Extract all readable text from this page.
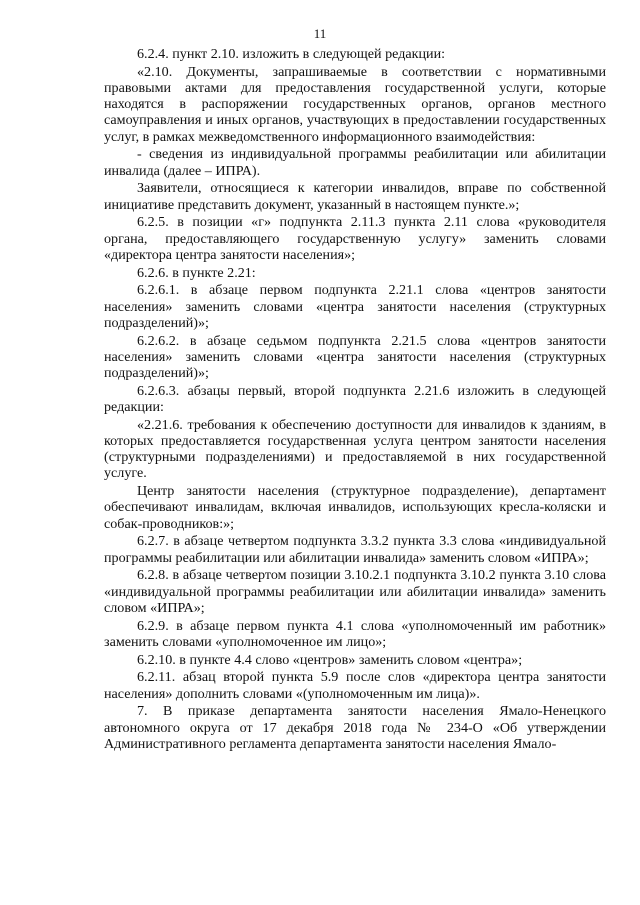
11

6.2.4. пункт 2.10. изложить в следующей редакции:

«2.10. Документы, запрашиваемые в соответствии с нормативными правовыми актами для предоставления государственной услуги, которые находятся в распоряжении государственных органов, органов местного самоуправления и иных органов, участвующих в предоставлении государственных услуг, в рамках межведомственного информационного взаимодействия:

- сведения из индивидуальной программы реабилитации или абилитации инвалида (далее – ИПРА).

Заявители, относящиеся к категории инвалидов, вправе по собственной инициативе представить документ, указанный в настоящем пункте.»;

6.2.5. в позиции «г» подпункта 2.11.3 пункта 2.11 слова «руководителя органа, предоставляющего государственную услугу» заменить словами «директора центра занятости населения»;

6.2.6. в пункте 2.21:

6.2.6.1. в абзаце первом подпункта 2.21.1 слова «центров занятости населения» заменить словами «центра занятости населения (структурных подразделений)»;

6.2.6.2. в абзаце седьмом подпункта 2.21.5 слова «центров занятости населения» заменить словами «центра занятости населения (структурных подразделений)»;

6.2.6.3. абзацы первый, второй подпункта 2.21.6 изложить в следующей редакции:

«2.21.6. требования к обеспечению доступности для инвалидов к зданиям, в которых предоставляется государственная услуга центром занятости населения (структурными подразделениями) и предоставляемой в них государственной услуге.

Центр занятости населения (структурное подразделение), департамент обеспечивают инвалидам, включая инвалидов, использующих кресла-коляски и собак-проводников:»;

6.2.7. в абзаце четвертом подпункта 3.3.2 пункта 3.3 слова «индивидуальной программы реабилитации или абилитации инвалида» заменить словом «ИПРА»;

6.2.8. в абзаце четвертом позиции 3.10.2.1 подпункта 3.10.2 пункта 3.10 слова «индивидуальной программы реабилитации или абилитации инвалида» заменить словом «ИПРА»;

6.2.9. в абзаце первом пункта 4.1 слова «уполномоченный им работник» заменить словами «уполномоченное им лицо»;

6.2.10. в пункте 4.4 слово «центров» заменить словом «центра»;

6.2.11. абзац второй пункта 5.9 после слов «директора центра занятости населения» дополнить словами «(уполномоченным им лица)».

7. В приказе департамента занятости населения Ямало-Ненецкого автономного округа от 17 декабря 2018 года № 234-О «Об утверждении Административного регламента департамента занятости населения Ямало-
